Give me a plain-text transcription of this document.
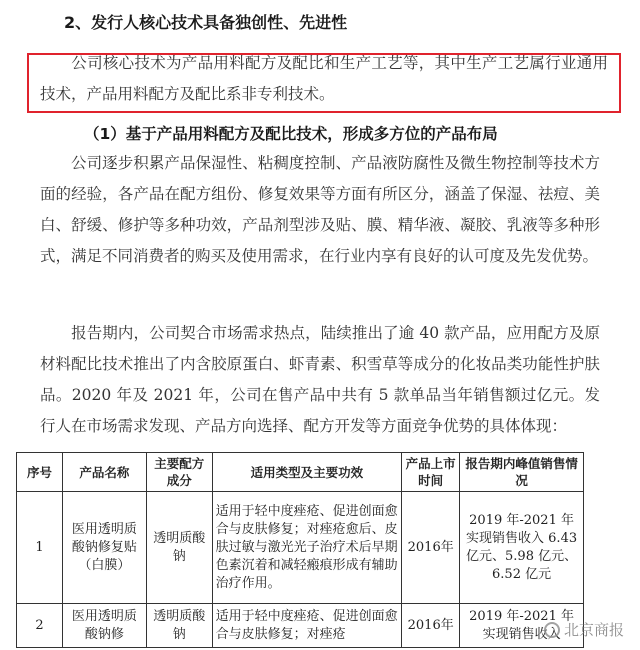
2、发行人核心技术具备独创性、先进性

公司核心技术为产品用料配方及配比和生产工艺等，其中生产工艺属行业通用技术，产品用料配方及配比系非专利技术。

（1）基于产品用料配方及配比技术，形成多方位的产品布局

公司逐步积累产品保湿性、粘稠度控制、产品液防腐性及微生物控制等技术方面的经验，各产品在配方组份、修复效果等方面有所区分，涵盖了保湿、祛痘、美白、舒缓、修护等多种功效，产品剂型涉及贴、膜、精华液、凝胶、乳液等多种形式，满足不同消费者的购买及使用需求，在行业内享有良好的认可度及先发优势。

报告期内，公司契合市场需求热点，陆续推出了逾 40 款产品，应用配方及原材料配比技术推出了内含胶原蛋白、虾青素、积雪草等成分的化妆品类功能性护肤品。2020 年及 2021 年，公司在售产品中共有 5 款单品当年销售额过亿元。发行人在市场需求发现、产品方向选择、配方开发等方面竞争优势的具体体现：

序号	产品名称	主要配方成分	适用类型及主要功效	产品上市时间	报告期内峰值销售情况
1	医用透明质酸钠修复贴（白膜）	透明质酸钠	适用于轻中度痤疮、促进创面愈合与皮肤修复；对痤疮愈后、皮肤过敏与激光光子治疗术后早期色素沉着和减轻瘢痕形成有辅助治疗作用。	2016年	2019 年-2021 年实现销售收入 6.43 亿元、5.98 亿元、6.52 亿元
2	医用透明质酸钠修	透明质酸钠	适用于轻中度痤疮、促进创面愈合与皮肤修复；对痤疮	2016年	2019 年-2021 年实现销售收入 北京商报
